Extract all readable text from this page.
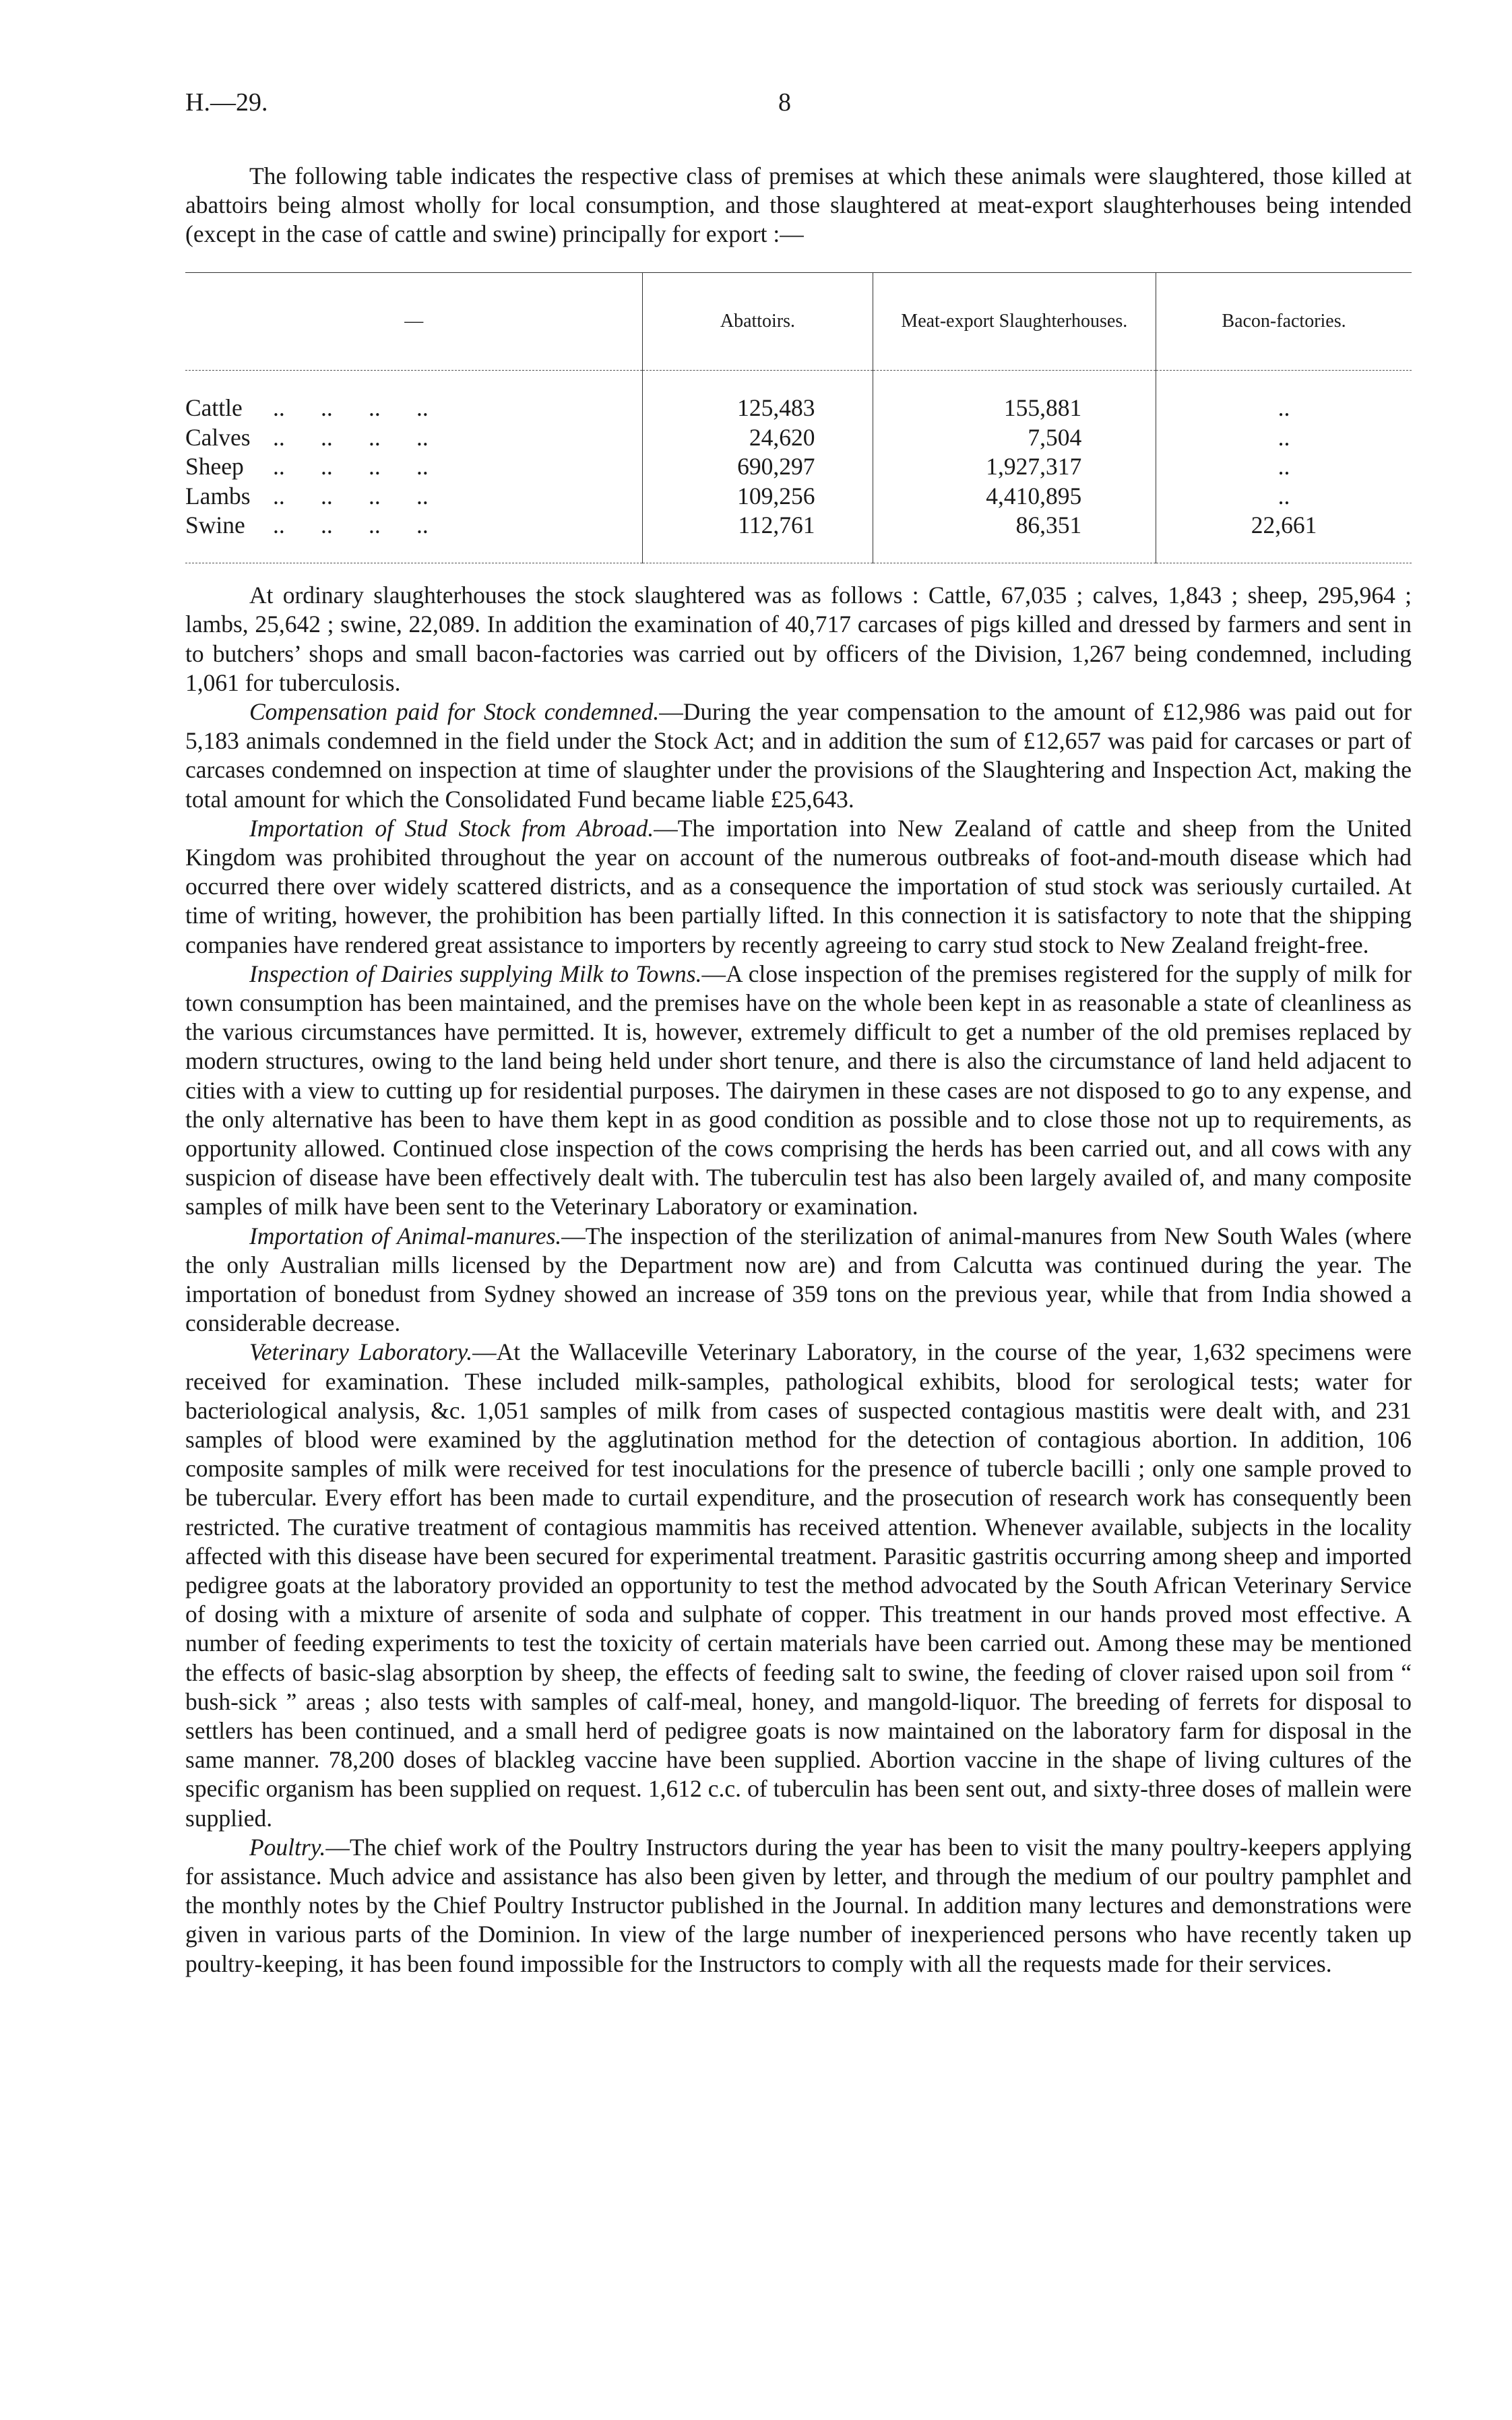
H.—29.	8

The following table indicates the respective class of premises at which these animals were slaughtered, those killed at abattoirs being almost wholly for local consumption, and those slaughtered at meat-export slaughterhouses being intended (except in the case of cattle and swine) principally for export :—

—	Abattoirs.	Meat-export Slaughterhouses.	Bacon-factories.

Cattle ..      ..      ..      ..	125,483	155,881	..

Calves ..      ..      ..      ..	24,620	7,504	..

Sheep ..      ..      ..      ..	690,297	1,927,317	..

Lambs ..      ..      ..      ..	109,256	4,410,895	..

Swine ..      ..      ..      ..	112,761	86,351	22,661

At ordinary slaughterhouses the stock slaughtered was as follows : Cattle, 67,035 ; calves, 1,843 ; sheep, 295,964 ; lambs, 25,642 ; swine, 22,089. In addition the examination of 40,717 carcases of pigs killed and dressed by farmers and sent in to butchers’ shops and small bacon-factories was carried out by officers of the Division, 1,267 being condemned, including 1,061 for tuberculosis.

Compensation paid for Stock condemned.—During the year compensation to the amount of £12,986 was paid out for 5,183 animals condemned in the field under the Stock Act; and in addition the sum of £12,657 was paid for carcases or part of carcases condemned on inspection at time of slaughter under the provisions of the Slaughtering and Inspection Act, making the total amount for which the Consolidated Fund became liable £25,643.

Importation of Stud Stock from Abroad.—The importation into New Zealand of cattle and sheep from the United Kingdom was prohibited throughout the year on account of the numerous outbreaks of foot-and-mouth disease which had occurred there over widely scattered districts, and as a consequence the importation of stud stock was seriously curtailed. At time of writing, however, the prohibition has been partially lifted. In this connection it is satisfactory to note that the shipping companies have rendered great assistance to importers by recently agreeing to carry stud stock to New Zealand freight-free.

Inspection of Dairies supplying Milk to Towns.—A close inspection of the premises registered for the supply of milk for town consumption has been maintained, and the premises have on the whole been kept in as reasonable a state of cleanliness as the various circumstances have permitted. It is, however, extremely difficult to get a number of the old premises replaced by modern structures, owing to the land being held under short tenure, and there is also the circumstance of land held adjacent to cities with a view to cutting up for residential purposes. The dairymen in these cases are not disposed to go to any expense, and the only alternative has been to have them kept in as good condition as possible and to close those not up to requirements, as opportunity allowed. Continued close inspection of the cows comprising the herds has been carried out, and all cows with any suspicion of disease have been effectively dealt with. The tuberculin test has also been largely availed of, and many composite samples of milk have been sent to the Veterinary Laboratory or examination.

Importation of Animal-manures.—The inspection of the sterilization of animal-manures from New South Wales (where the only Australian mills licensed by the Department now are) and from Calcutta was continued during the year. The importation of bonedust from Sydney showed an increase of 359 tons on the previous year, while that from India showed a considerable decrease.

Veterinary Laboratory.—At the Wallaceville Veterinary Laboratory, in the course of the year, 1,632 specimens were received for examination. These included milk-samples, pathological exhibits, blood for serological tests; water for bacteriological analysis, &c. 1,051 samples of milk from cases of suspected contagious mastitis were dealt with, and 231 samples of blood were examined by the agglutination method for the detection of contagious abortion. In addition, 106 composite samples of milk were received for test inoculations for the presence of tubercle bacilli ; only one sample proved to be tubercular. Every effort has been made to curtail expenditure, and the prosecution of research work has consequently been restricted. The curative treatment of contagious mammitis has received attention. Whenever available, subjects in the locality affected with this disease have been secured for experimental treatment. Parasitic gastritis occurring among sheep and imported pedigree goats at the laboratory provided an opportunity to test the method advocated by the South African Veterinary Service of dosing with a mixture of arsenite of soda and sulphate of copper. This treatment in our hands proved most effective. A number of feeding experiments to test the toxicity of certain materials have been carried out. Among these may be mentioned the effects of basic-slag absorption by sheep, the effects of feeding salt to swine, the feeding of clover raised upon soil from “ bush-sick ” areas ; also tests with samples of calf-meal, honey, and mangold-liquor. The breeding of ferrets for disposal to settlers has been continued, and a small herd of pedigree goats is now maintained on the laboratory farm for disposal in the same manner. 78,200 doses of blackleg vaccine have been supplied. Abortion vaccine in the shape of living cultures of the specific organism has been supplied on request. 1,612 c.c. of tuberculin has been sent out, and sixty-three doses of mallein were supplied.

Poultry.—The chief work of the Poultry Instructors during the year has been to visit the many poultry-keepers applying for assistance. Much advice and assistance has also been given by letter, and through the medium of our poultry pamphlet and the monthly notes by the Chief Poultry Instructor published in the Journal. In addition many lectures and demonstrations were given in various parts of the Dominion. In view of the large number of inexperienced persons who have recently taken up poultry-keeping, it has been found impossible for the Instructors to comply with all the requests made for their services.
